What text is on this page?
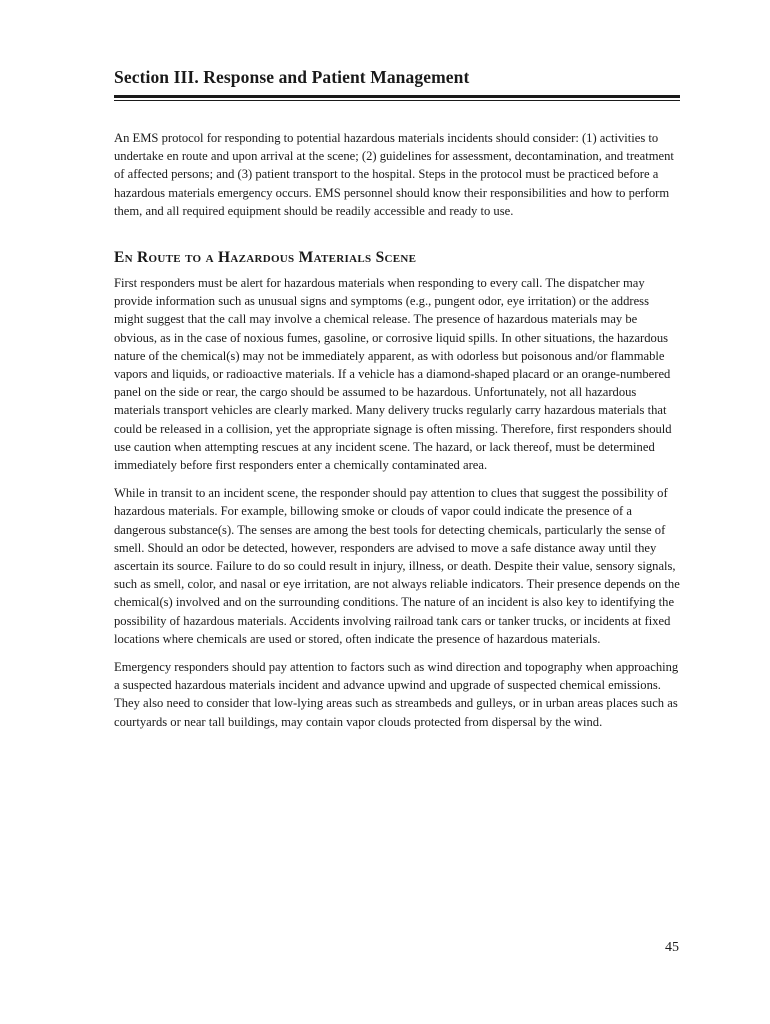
Section III. Response and Patient Management

An EMS protocol for responding to potential hazardous materials incidents should consider: (1) activities to undertake en route and upon arrival at the scene; (2) guidelines for assessment, decontamination, and treatment of affected persons; and (3) patient transport to the hospital. Steps in the protocol must be practiced before a hazardous materials emergency occurs. EMS personnel should know their responsibilities and how to perform them, and all required equipment should be readily accessible and ready to use.

En Route to a Hazardous Materials Scene

First responders must be alert for hazardous materials when responding to every call. The dispatcher may provide information such as unusual signs and symptoms (e.g., pungent odor, eye irritation) or the address might suggest that the call may involve a chemical release. The presence of hazardous materials may be obvious, as in the case of noxious fumes, gasoline, or corrosive liquid spills. In other situations, the hazardous nature of the chemical(s) may not be immediately apparent, as with odorless but poisonous and/or flammable vapors and liquids, or radioactive materials. If a vehicle has a diamond-shaped placard or an orange-numbered panel on the side or rear, the cargo should be assumed to be hazardous. Unfortunately, not all hazardous materials transport vehicles are clearly marked. Many delivery trucks regularly carry hazardous materials that could be released in a collision, yet the appropriate signage is often missing. Therefore, first responders should use caution when attempting rescues at any incident scene. The hazard, or lack thereof, must be determined immediately before first responders enter a chemically contaminated area.

While in transit to an incident scene, the responder should pay attention to clues that suggest the possibility of hazardous materials. For example, billowing smoke or clouds of vapor could indicate the presence of a dangerous substance(s). The senses are among the best tools for detecting chemicals, particularly the sense of smell. Should an odor be detected, however, responders are advised to move a safe distance away until they ascertain its source. Failure to do so could result in injury, illness, or death. Despite their value, sensory signals, such as smell, color, and nasal or eye irritation, are not always reliable indicators. Their presence depends on the chemical(s) involved and on the surrounding conditions. The nature of an incident is also key to identifying the possibility of hazardous materials. Accidents involving railroad tank cars or tanker trucks, or incidents at fixed locations where chemicals are used or stored, often indicate the presence of hazardous materials.

Emergency responders should pay attention to factors such as wind direction and topography when approaching a suspected hazardous materials incident and advance upwind and upgrade of suspected chemical emissions. They also need to consider that low-lying areas such as streambeds and gulleys, or in urban areas places such as courtyards or near tall buildings, may contain vapor clouds protected from dispersal by the wind.

45
